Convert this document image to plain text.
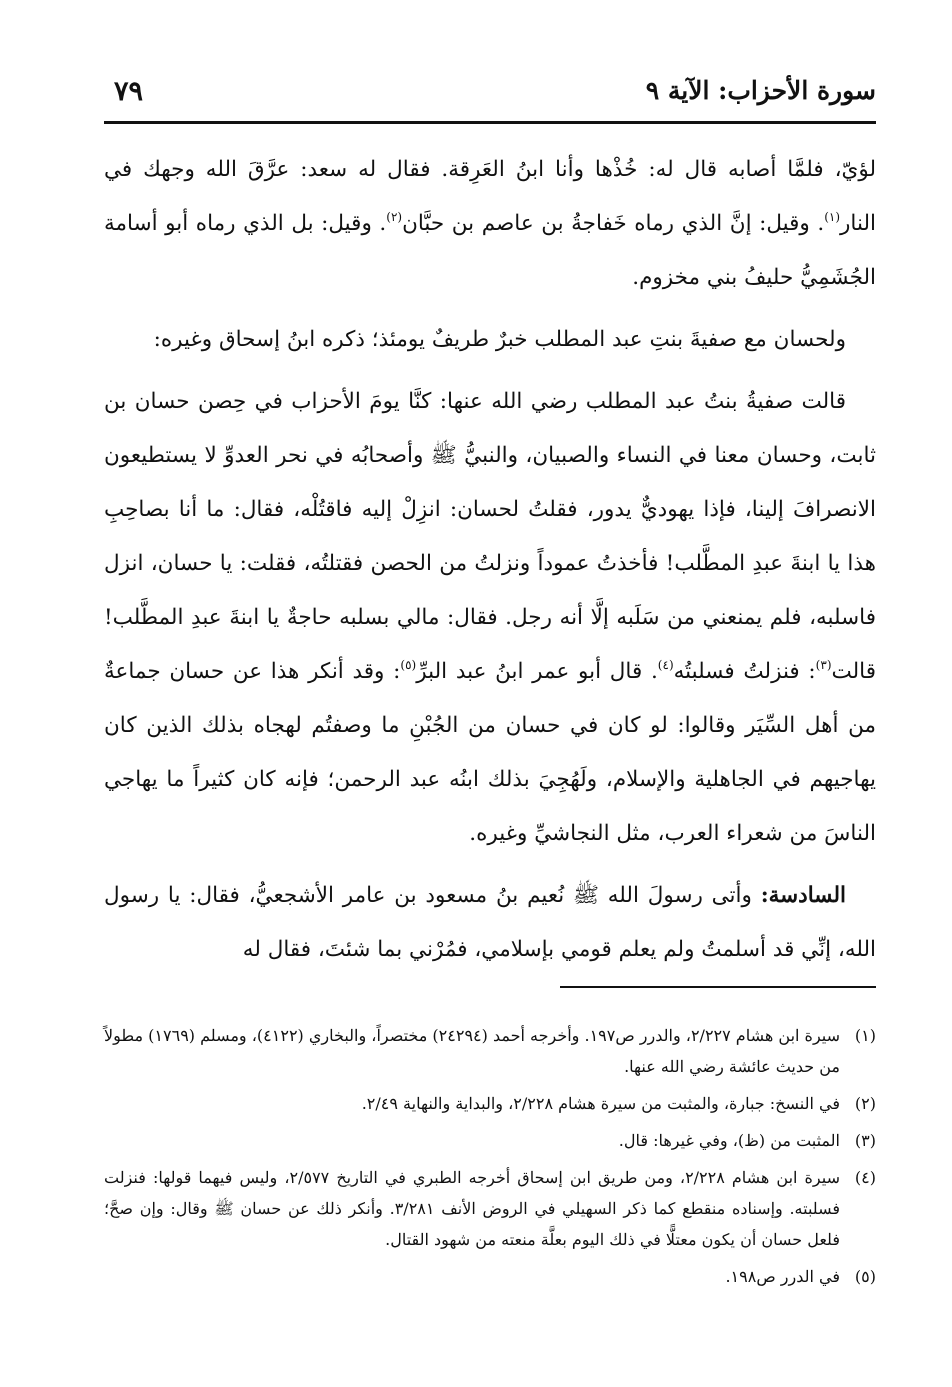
سورة الأحزاب: الآية ٩
٧٩

لؤيّ، فلمَّا أصابه قال له: خُذْها وأنا ابنُ العَرِقة. فقال له سعد: عرَّقَ الله وجهك في النار$^{(١)}$. وقيل: إنَّ الذي رماه خَفاجةُ بن عاصم بن حبَّان$^{(٢)}$. وقيل: بل الذي رماه أبو أسامة الجُشَمِيُّ حليفُ بني مخزوم.

ولحسان مع صفيةَ بنتِ عبد المطلب خبرٌ طريفٌ يومئذ؛ ذكره ابنُ إسحاق وغيره:

قالت صفيةُ بنتُ عبد المطلب رضي الله عنها: كنَّا يومَ الأحزاب في حِصن حسان بن ثابت، وحسان معنا في النساء والصبيان، والنبيُّ ﷺ وأصحابُه في نحر العدوِّ لا يستطيعون الانصرافَ إلينا، فإذا يهوديٌّ يدور، فقلتُ لحسان: انزِلْ إليه فاقتُلْه، فقال: ما أنا بصاحِبِ هذا يا ابنةَ عبدِ المطَّلب! فأخذتُ عموداً ونزلتُ من الحصن فقتلتُه، فقلت: يا حسان، انزل فاسلبه، فلم يمنعني من سَلَبه إلَّا أنه رجل. فقال: مالي بسلبه حاجةٌ يا ابنةَ عبدِ المطَّلب! قالت$^{(٣)}$: فنزلتُ فسلبتُه$^{(٤)}$. قال أبو عمر ابنُ عبد البرِّ$^{(٥)}$: وقد أنكر هذا عن حسان جماعةٌ من أهل السِّيَر وقالوا: لو كان في حسان من الجُبْنِ ما وصفتُم لهجاه بذلك الذين كان يهاجيهم في الجاهلية والإسلام، ولَهُجِيَ بذلك ابنُه عبد الرحمن؛ فإنه كان كثيراً ما يهاجي الناسَ من شعراء العرب، مثل النجاشيِّ وغيره.

السادسة: وأتى رسولَ الله ﷺ نُعيم بنُ مسعود بن عامر الأشجعيُّ، فقال: يا رسول الله، إنِّي قد أسلمتُ ولم يعلم قومي بإسلامي، فمُرْني بما شئتَ، فقال له

(١)
سيرة ابن هشام ٢/٢٢٧، والدرر ص١٩٧. وأخرجه أحمد (٢٤٢٩٤) مختصراً، والبخاري (٤١٢٢)، ومسلم (١٧٦٩) مطولاً من حديث عائشة رضي الله عنها.
(٢)
في النسخ: جبارة، والمثبت من سيرة هشام ٢/٢٢٨، والبداية والنهاية ٢/٤٩.
(٣)
المثبت من (ظ)، وفي غيرها: قال.
(٤)
سيرة ابن هشام ٢/٢٢٨، ومن طريق ابن إسحاق أخرجه الطبري في التاريخ ٢/٥٧٧، وليس فيهما قولها: فنزلت فسلبته. وإسناده منقطع كما ذكر السهيلي في الروض الأنف ٣/٢٨١. وأنكر ذلك عن حسان ﷺ وقال: وإن صحَّ؛ فلعل حسان أن يكون معتلًّا في ذلك اليوم بعلَّة منعته من شهود القتال.
(٥)
في الدرر ص١٩٨.
